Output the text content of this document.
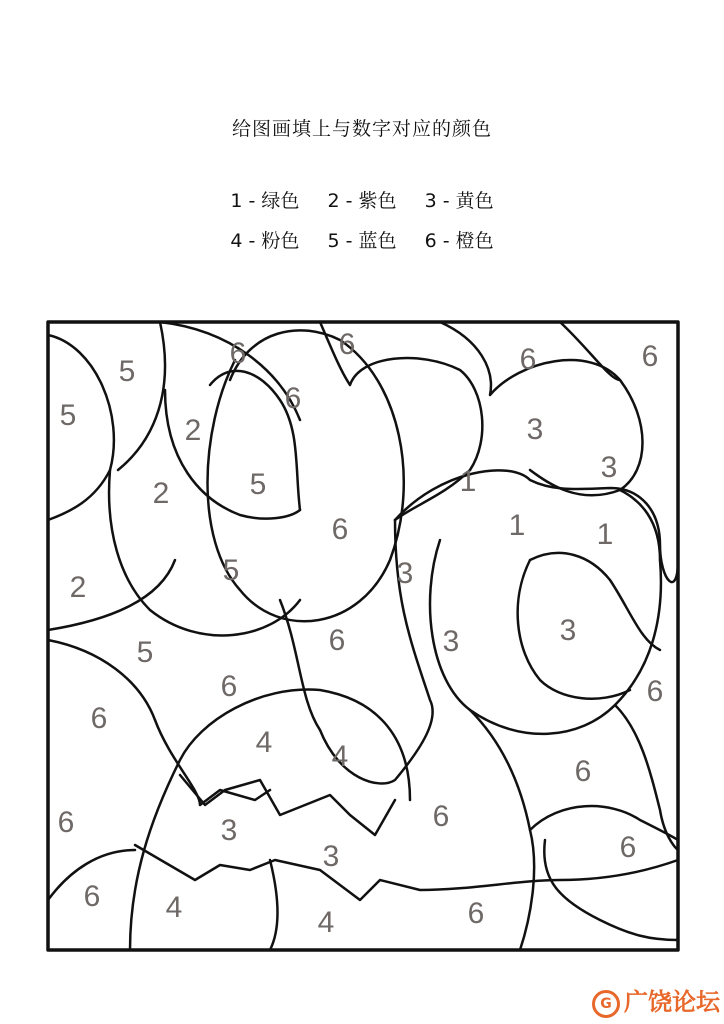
给图画填上与数字对应的颜色
1 - 绿色 2 - 紫色 3 - 黄色
4 - 粉色 5 - 蓝色 6 - 橙色
5
6	6	6	6
5
6
2
2	5
3
3
1
1 1
2
5
6
3
3	3
6
5
6	6
4 4
6
6
6	3
3
6
6
4	4
6
6
G 广饶论坛
